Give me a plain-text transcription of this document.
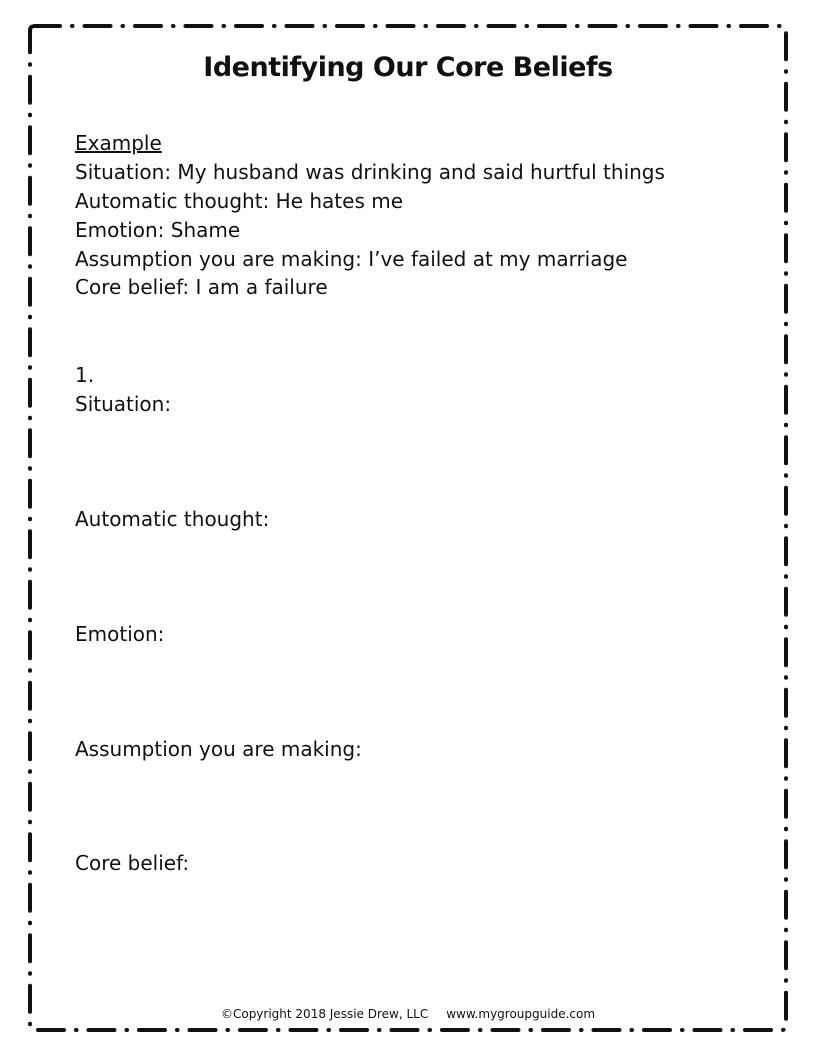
Identifying Our Core Beliefs
Example
Situation: My husband was drinking and said hurtful things
Automatic thought: He hates me
Emotion: Shame
Assumption you are making: I’ve failed at my marriage
Core belief: I am a failure
1.
Situation:
Automatic thought:
Emotion:
Assumption you are making:
Core belief:
©Copyright 2018 Jessie Drew, LLC www.mygroupguide.com
